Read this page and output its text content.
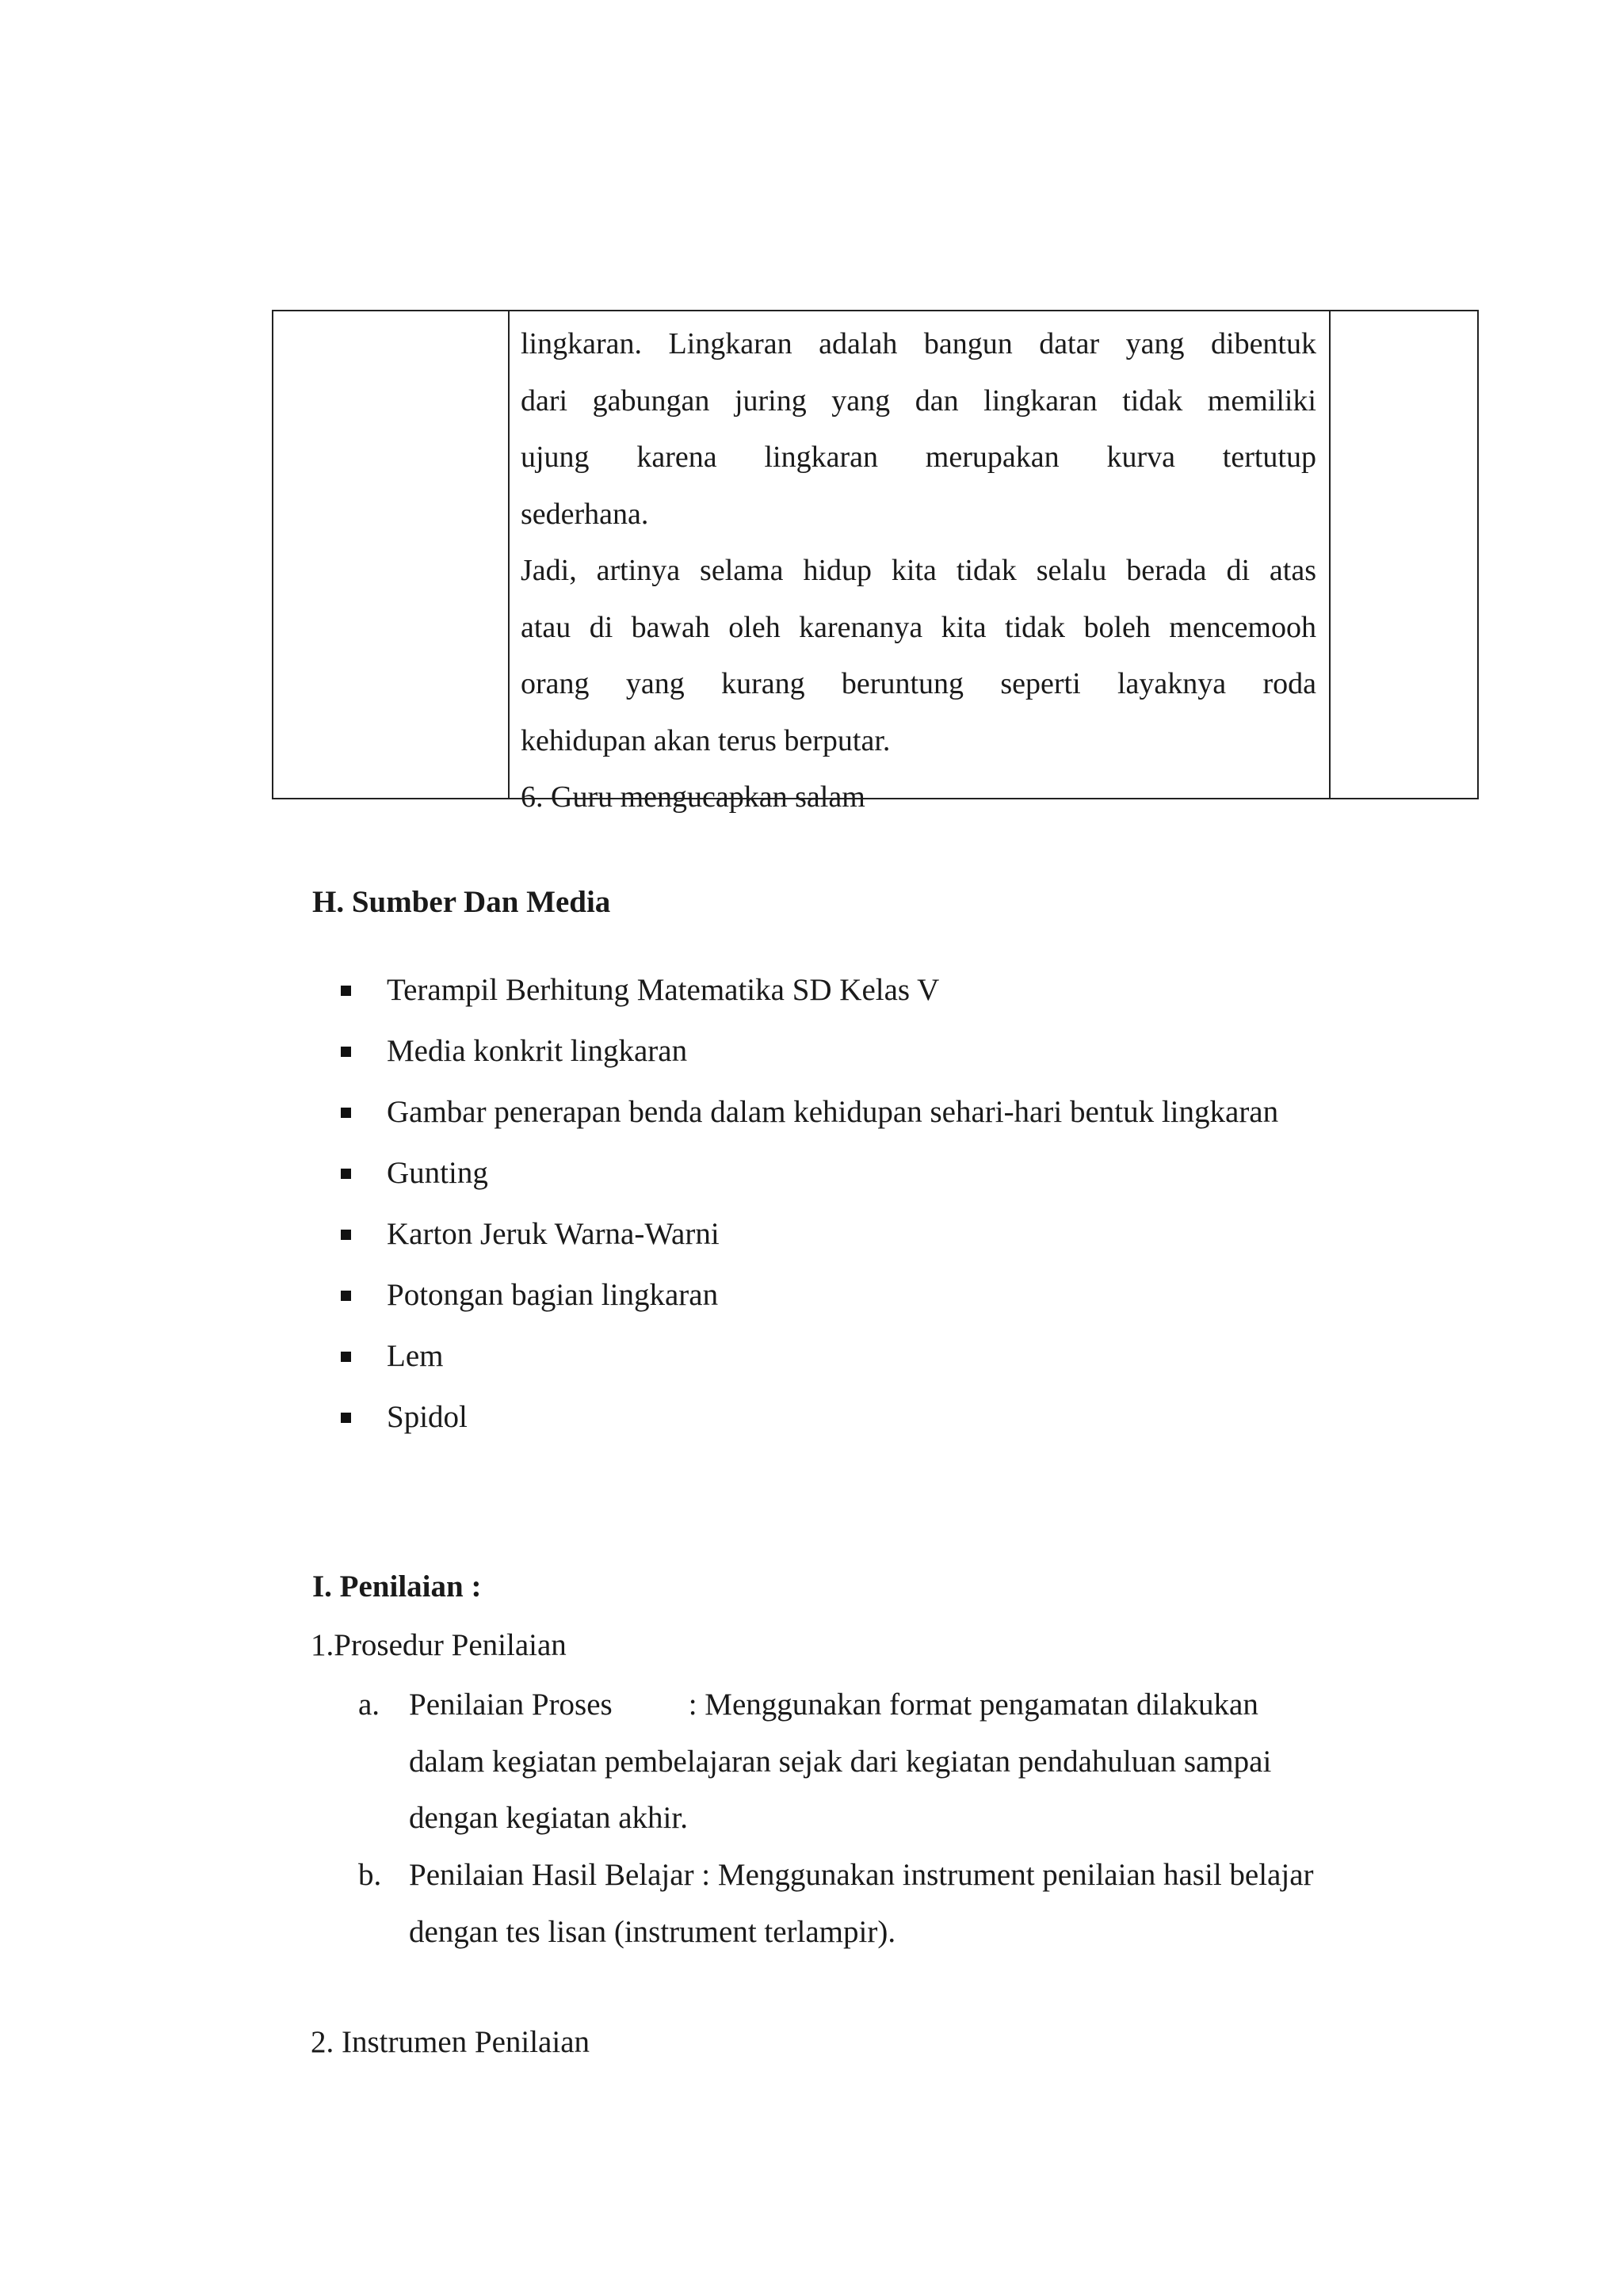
lingkaran. Lingkaran adalah bangun datar yang dibentuk
dari gabungan juring yang dan lingkaran tidak memiliki
ujung karena lingkaran merupakan kurva tertutup
sederhana.
Jadi, artinya selama hidup kita tidak selalu berada di atas
atau di bawah oleh karenanya kita tidak boleh mencemooh
orang yang kurang beruntung seperti layaknya roda
kehidupan akan terus berputar.
6. Guru mengucapkan salam
H. Sumber Dan Media
Terampil Berhitung Matematika SD Kelas V
Media konkrit lingkaran
Gambar penerapan benda dalam kehidupan sehari-hari bentuk lingkaran
Gunting
Karton Jeruk Warna-Warni
Potongan bagian lingkaran
Lem
Spidol
I. Penilaian :

1.Prosedur Penilaian

a. Penilaian Proses : Menggunakan format pengamatan dilakukan
dalam kegiatan pembelajaran sejak dari kegiatan pendahuluan sampai
dengan kegiatan akhir.
b. Penilaian Hasil Belajar : Menggunakan instrument penilaian hasil belajar
dengan tes lisan (instrument terlampir).

2. Instrumen Penilaian
